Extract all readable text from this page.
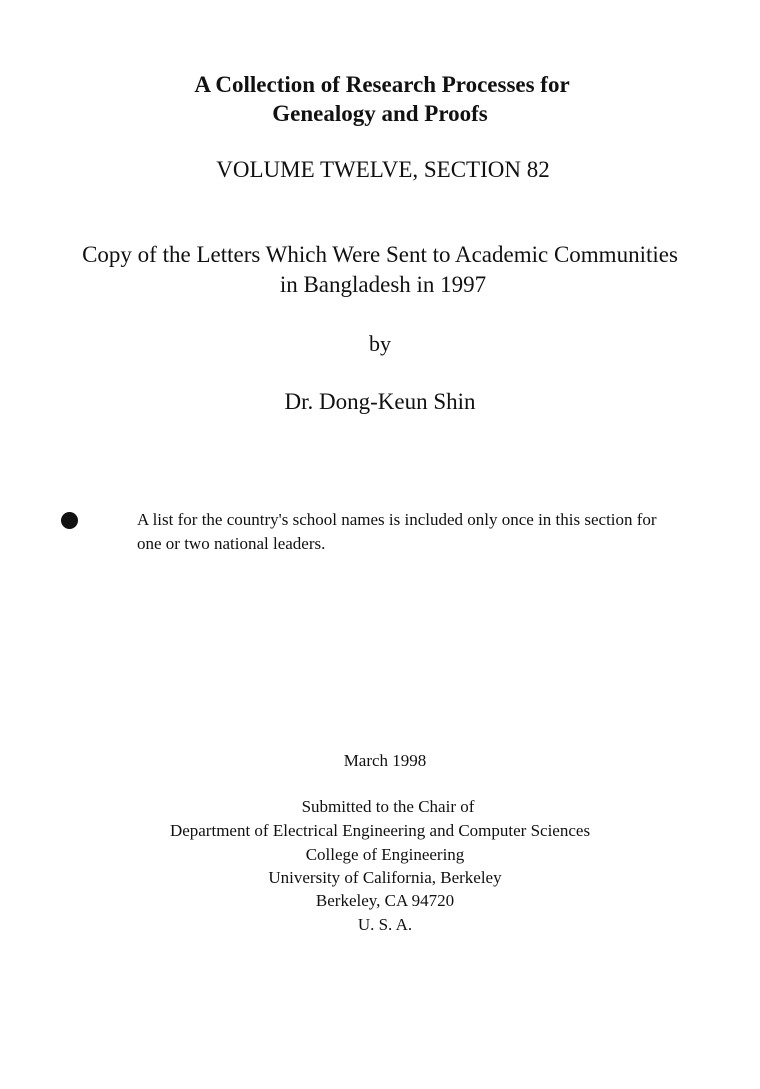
A Collection of Research Processes for
Genealogy and Proofs
VOLUME TWELVE, SECTION 82
Copy of the Letters Which Were Sent to Academic Communities
in Bangladesh in 1997
by
Dr. Dong-Keun Shin
A list for the country's school names is included only once in this section for
one or two national leaders.
March 1998
Submitted to the Chair of
Department of Electrical Engineering and Computer Sciences
College of Engineering
University of California, Berkeley
Berkeley, CA 94720
U. S. A.
